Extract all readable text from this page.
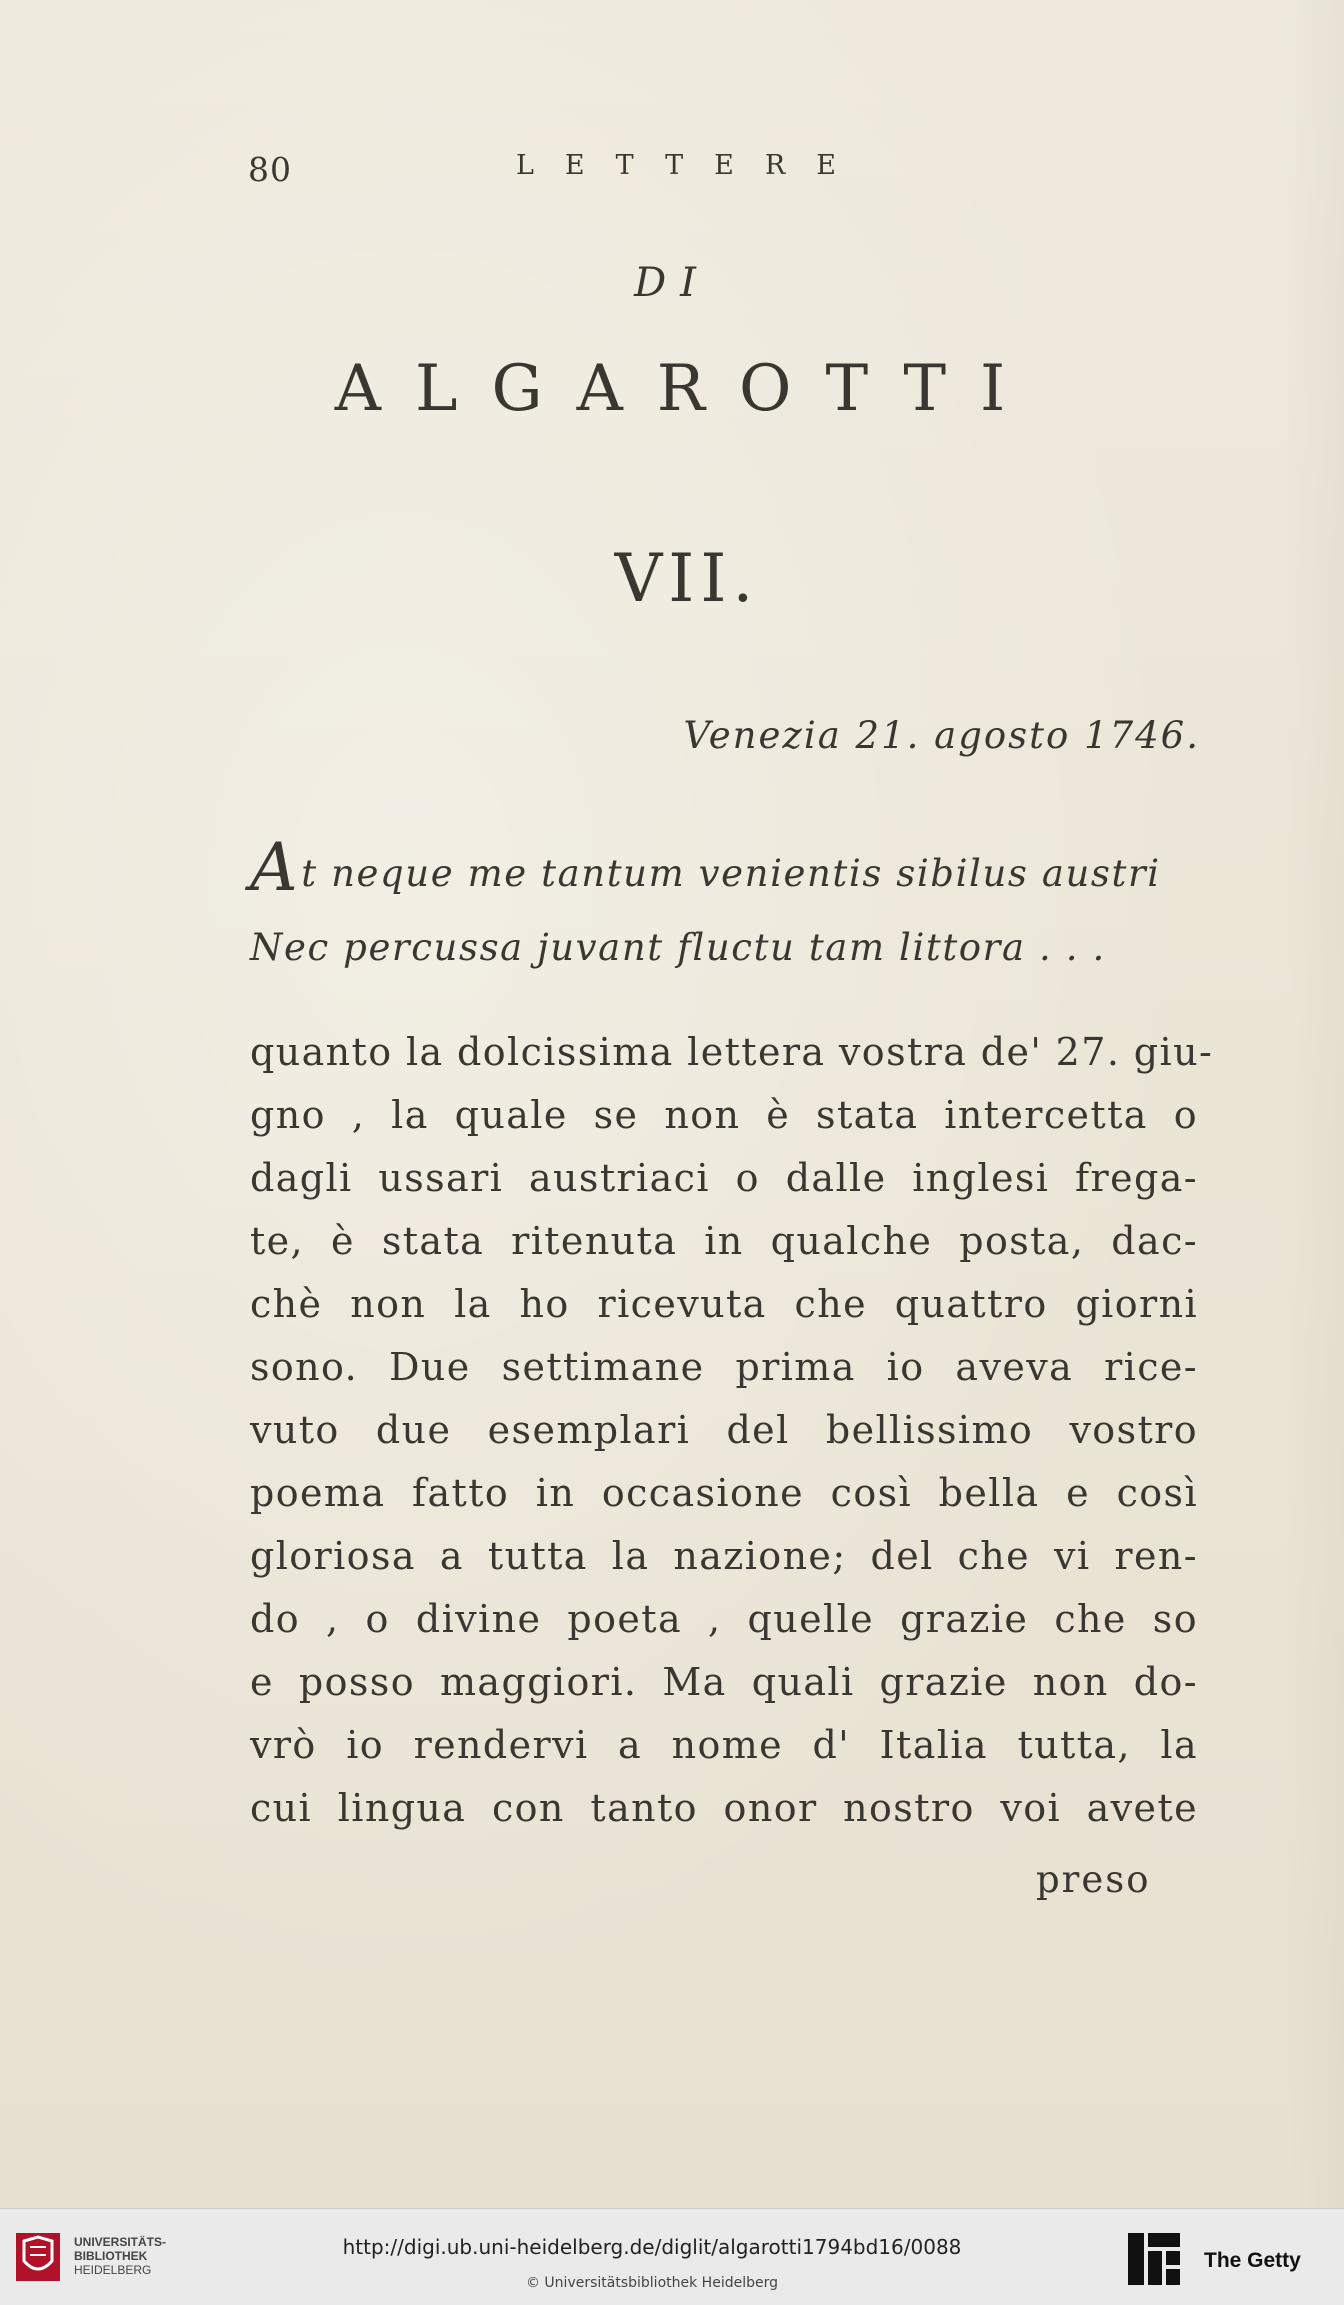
80	LETTERE
DI
ALGAROTTI
VII.
Venezia 21. agosto 1746.
At neque me tantum venientis sibilus austri
Nec percussa juvant fluctu tam littora . . .
quanto la dolcissima lettera vostra de' 27. giu-
gno , la quale se non è stata intercetta o
dagli ussari austriaci o dalle inglesi frega-
te, è stata ritenuta in qualche posta, dac-
chè non la ho ricevuta che quattro giorni
sono. Due settimane prima io aveva rice-
vuto due esemplari del bellissimo vostro
poema fatto in occasione così bella e così
gloriosa a tutta la nazione; del che vi ren-
do , o divine poeta , quelle grazie che so
e posso maggiori. Ma quali grazie non do-
vrò io rendervi a nome d' Italia tutta, la
cui lingua con tanto onor nostro voi avete
preso
UNIVERSITÄTS-
BIBLIOTHEK
HEIDELBERG
http://digi.ub.uni-heidelberg.de/diglit/algarotti1794bd16/0088
© Universitätsbibliothek Heidelberg
The Getty
